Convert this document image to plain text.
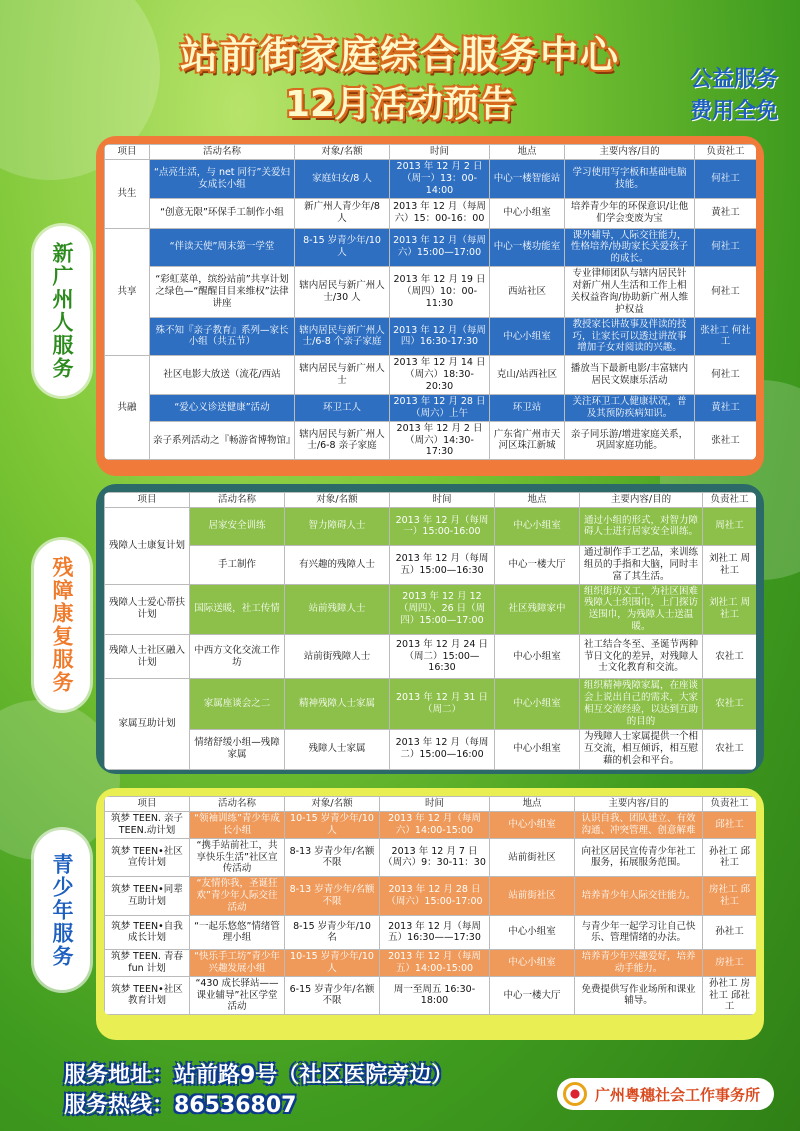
站前街家庭综合服务中心
12月活动预告
公益服务
费用全免
项目	活动名称	对象/名额	时间	地点	主要内容/目的	负责社工
共生	“点亮生活，与 net 同行”关爱妇女成长小组	家庭妇女/8 人	2013 年 12 月 2 日（周一）13：00-14:00	中心一楼智能站	学习使用写字板和基础电脑技能。	何社工
	“创意无限”环保手工制作小组	新广州人青少年/8 人	2013 年 12 月（每周六）15：00-16：00	中心小组室	培养青少年的环保意识/让他们学会变废为宝	黄社工
共享	“伴读天使”周末第一学堂	8-15 岁青少年/10 人	2013 年 12 月（每周六）15:00—17:00	中心一楼功能室	课外辅导，人际交往能力，性格培养/协助家长关爱孩子的成长。	何社工
	“彩虹菜单，缤纷站前”共享计划之绿色—“醒醒目目来维权”法律讲座	辖内居民与新广州人士/30 人	2013 年 12 月 19 日（周四）10：00-11:30	西站社区	专业律师团队与辖内居民针对新广州人生活和工作上相关权益咨询/协助新广州人维护权益	何社工
	殊不知『亲子教育』系列—家长小组（共五节）	辖内居民与新广州人士/6-8 个亲子家庭	2013 年 12 月（每周四）16:30-17:30	中心小组室	教授家长讲故事及伴读的技巧，让家长可以透过讲故事增加子女对阅读的兴趣。	张社工 何社工
共融	社区电影大放送（流花/西站	辖内居民与新广州人士	2013 年 12 月 14 日（周六）18:30-20:30	克山/站西社区	播放当下最新电影/丰富辖内居民文娱康乐活动	何社工
	“爱心义诊送健康”活动	环卫工人	2013 年 12 月 28 日（周六）上午	环卫站	关注环卫工人健康状况，普及其预防疾病知识。	黄社工
	亲子系列活动之『畅游省博物馆』	辖内居民与新广州人士/6-8 亲子家庭	2013 年 12 月 2 日（周六）14:30-17:30	广东省广州市天河区珠江新城	亲子同乐游/增进家庭关系，巩固家庭功能。	张社工
新广州人服务
项目	活动名称	对象/名额	时间	地点	主要内容/目的	负责社工
残障人士康复计划	居家安全训练	智力障碍人士	2013 年 12 月（每周一）15:00-16:00	中心小组室	通过小组的形式，对智力障碍人士进行居家安全训练。	周社工
	手工制作	有兴趣的残障人士	2013 年 12 月（每周五）15:00—16:30	中心一楼大厅	通过制作手工艺品，来训练组员的手指和大脑，同时丰富了其生活。	刘社工 周社工
残障人士爱心帮扶计划	国际送暖，社工传情	站前残障人士	2013 年 12 月 12（周四）、26 日（周四）15:00—17:00	社区残障家中	组织街坊义工，为社区困难残障人士织围巾，上门探访送围巾，为残障人士送温暖。	刘社工 周社工
残障人士社区融入计划	中西方文化交流工作坊	站前街残障人士	2013 年 12 月 24 日（周二）15:00—16:30	中心小组室	社工结合冬至、圣诞节两种节日文化的差异，对残障人士文化教育和交流。	农社工
家属互助计划	家属座谈会之二	精神残障人士家属	2013 年 12 月 31 日（周二）	中心小组室	组织精神残障家属，在座谈会上说出自己的需求，大家相互交流经验，以达到互助的目的	农社工
	情绪舒缓小组—残障家属	残障人士家属	2013 年 12 月（每周二）15:00—16:00	中心小组室	为残障人士家属提供一个相互交流，相互倾诉，相互慰藉的机会和平台。	农社工
残障康复服务
项目	活动名称	对象/名额	时间	地点	主要内容/目的	负责社工
筑梦 TEEN. 亲子 TEEN.动计划	“领袖训练”青少年成长小组	10-15 岁青少年/10 人	2013 年 12 月（每周六）14:00-15:00	中心小组室	认识自我、团队建立、有效沟通、冲突管理、创意解难	邱社工
筑梦 TEEN•社区宣传计划	“携手站前社工，共享快乐生活”社区宣传活动	8-13 岁青少年/名额不限	2013 年 12 月 7 日（周六）9：30-11：30	站前街社区	向社区居民宣传青少年社工服务，拓展服务范围。	孙社工 邱社工
筑梦 TEEN•同辈互助计划	“友情你我，圣诞狂欢”青少年人际交往活动	8-13 岁青少年/名额不限	2013 年 12 月 28 日（周六）15:00-17:00	站前街社区	培养青少年人际交往能力。	房社工 邱社工
筑梦 TEEN•自我成长计划	“一起乐悠悠”情绪管理小组	8-15 岁青少年/10 名	2013 年 12 月（每周五）16:30——17:30	中心小组室	与青少年一起学习让自己快乐、管理情绪的办法。	孙社工
筑梦 TEEN. 青春 fun 计划	“快乐手工坊”青少年兴趣发展小组	10-15 岁青少年/10 人	2013 年 12 月（每周五）14:00-15:00	中心小组室	培养青少年兴趣爱好，培养动手能力。	房社工
筑梦 TEEN•社区教育计划	“430 成长驿站——课业辅导”社区学堂活动	6-15 岁青少年/名额不限	周一至周五 16:30-18:00	中心一楼大厅	免费提供写作业场所和课业辅导。	孙社工 房社工 邱社工
青少年服务
服务地址：站前路9号（社区医院旁边）
服务热线：86536807	广州粤穗社会工作事务所
